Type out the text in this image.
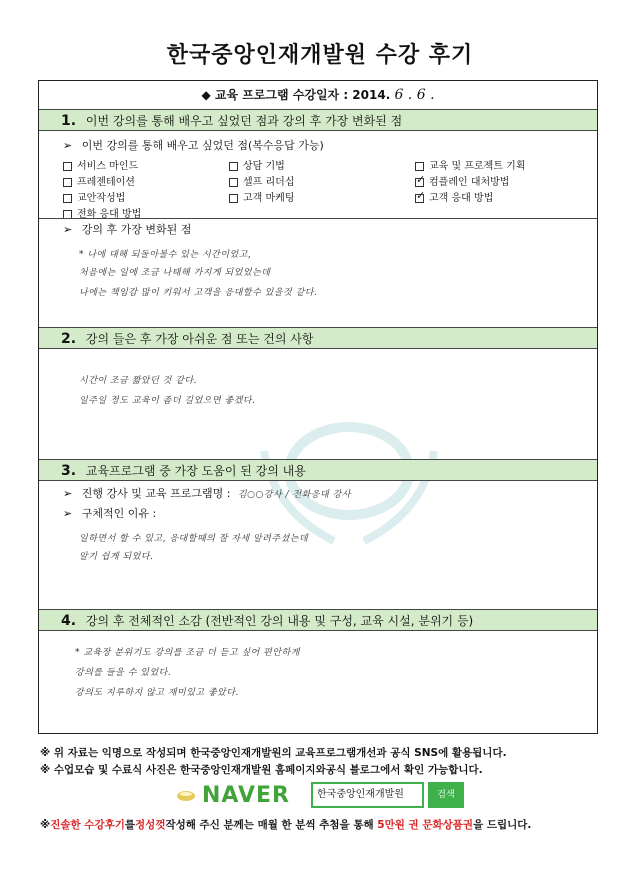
한국중앙인재개발원 수강 후기
◆ 교육 프로그램 수강일자 : 2014. 6 . 6 .
1. 이번 강의를 통해 배우고 싶었던 점과 강의 후 가장 변화된 점
➢ 이번 강의를 통해 배우고 싶었던 점(복수응답 가능)
서비스 마인드	상담 기법	교육 및 프로젝트 기획
프레젠테이션	셀프 리더십 ✓	컴플레인 대처방법
교안작성법	고객 마케팅 ✓	고객 응대 방법
전화 응대 방법
➢ 강의 후 가장 변화된 점
* 나에 대해 되돌아볼수 있는 시간이었고,
처음에는 일에 조금 나태해 가지게 되었었는데
나에는 책임감 많이 키워서 고객을 응대할수 있을것 같다.
2. 강의 들은 후 가장 아쉬운 점 또는 건의 사항
시간이 조금 짧았던 것 같다.
일주일 정도 교육이 좀더 길었으면 좋겠다.
3. 교육프로그램 중 가장 도움이 된 강의 내용
➢ 진행 강사 및 교육 프로그램명 : 김○○강사 / 전화응대 강사
➢ 구체적인 이유 :
일하면서 할 수 있고, 응대할때의 잘 자세 알려주셨는데
알기 쉽게 되었다.
4. 강의 후 전체적인 소감 (전반적인 강의 내용 및 구성, 교육 시설, 분위기 등)
* 교육장 분위기도 강의를 조금 더 듣고 싶어 편안하게
강의를 들을 수 있었다.
강의도 지루하지 않고 재미있고 좋았다.
※ 위 자료는 익명으로 작성되며 한국중앙인재개발원의 교육프로그램개선과 공식 SNS에 활용됩니다.
※ 수업모습 및 수료식 사진은 한국중앙인재개발원 홈페이지와공식 블로그에서 확인 가능합니다.
NAVER	한국중앙인재개발원	검색
※진솔한 수강후기를정성껏작성해 주신 분께는 매월 한 분씩 추첨을 통해 5만원 권 문화상품권을 드립니다.
